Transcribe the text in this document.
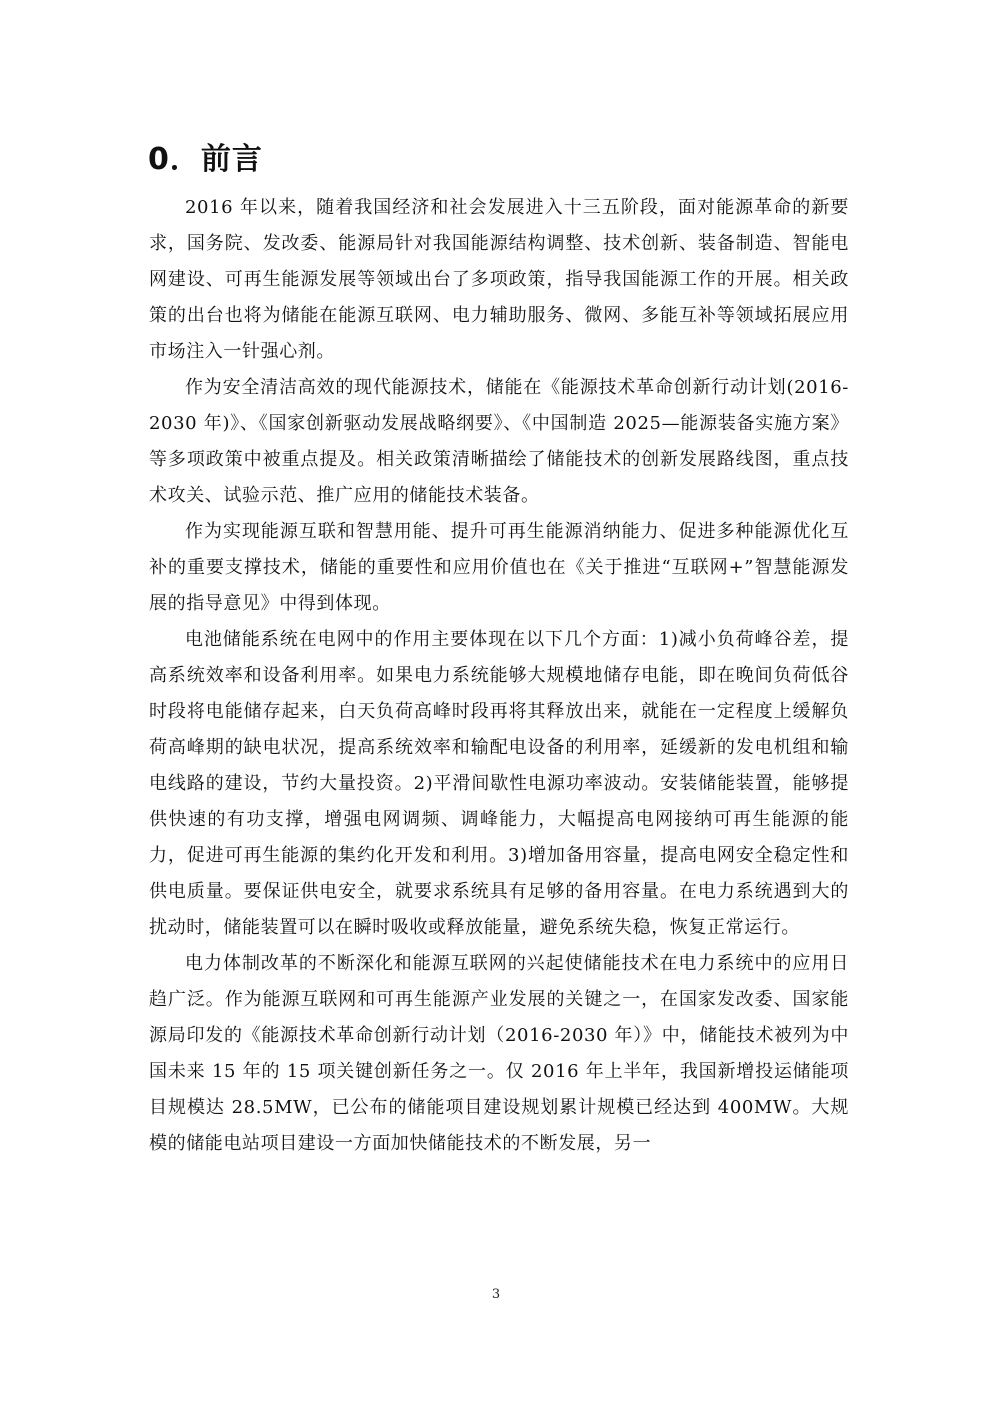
0．前言

2016 年以来，随着我国经济和社会发展进入十三五阶段，面对能源革命的新要求，国务院、发改委、能源局针对我国能源结构调整、技术创新、装备制造、智能电网建设、可再生能源发展等领域出台了多项政策，指导我国能源工作的开展。相关政策的出台也将为储能在能源互联网、电力辅助服务、微网、多能互补等领域拓展应用市场注入一针强心剂。

作为安全清洁高效的现代能源技术，储能在《能源技术革命创新行动计划(2016-2030 年)》、《国家创新驱动发展战略纲要》、《中国制造 2025—能源装备实施方案》等多项政策中被重点提及。相关政策清晰描绘了储能技术的创新发展路线图，重点技术攻关、试验示范、推广应用的储能技术装备。

作为实现能源互联和智慧用能、提升可再生能源消纳能力、促进多种能源优化互补的重要支撑技术，储能的重要性和应用价值也在《关于推进“互联网+”智慧能源发展的指导意见》中得到体现。

电池储能系统在电网中的作用主要体现在以下几个方面：1)减小负荷峰谷差，提高系统效率和设备利用率。如果电力系统能够大规模地储存电能，即在晚间负荷低谷时段将电能储存起来，白天负荷高峰时段再将其释放出来，就能在一定程度上缓解负荷高峰期的缺电状况，提高系统效率和输配电设备的利用率，延缓新的发电机组和输电线路的建设，节约大量投资。2)平滑间歇性电源功率波动。安装储能装置，能够提供快速的有功支撑，增强电网调频、调峰能力，大幅提高电网接纳可再生能源的能力，促进可再生能源的集约化开发和利用。3)增加备用容量，提高电网安全稳定性和供电质量。要保证供电安全，就要求系统具有足够的备用容量。在电力系统遇到大的扰动时，储能装置可以在瞬时吸收或释放能量，避免系统失稳，恢复正常运行。

电力体制改革的不断深化和能源互联网的兴起使储能技术在电力系统中的应用日趋广泛。作为能源互联网和可再生能源产业发展的关键之一，在国家发改委、国家能源局印发的《能源技术革命创新行动计划（2016-2030 年）》中，储能技术被列为中国未来 15 年的 15 项关键创新任务之一。仅 2016 年上半年，我国新增投运储能项目规模达 28.5MW，已公布的储能项目建设规划累计规模已经达到 400MW。大规模的储能电站项目建设一方面加快储能技术的不断发展，另一

3
